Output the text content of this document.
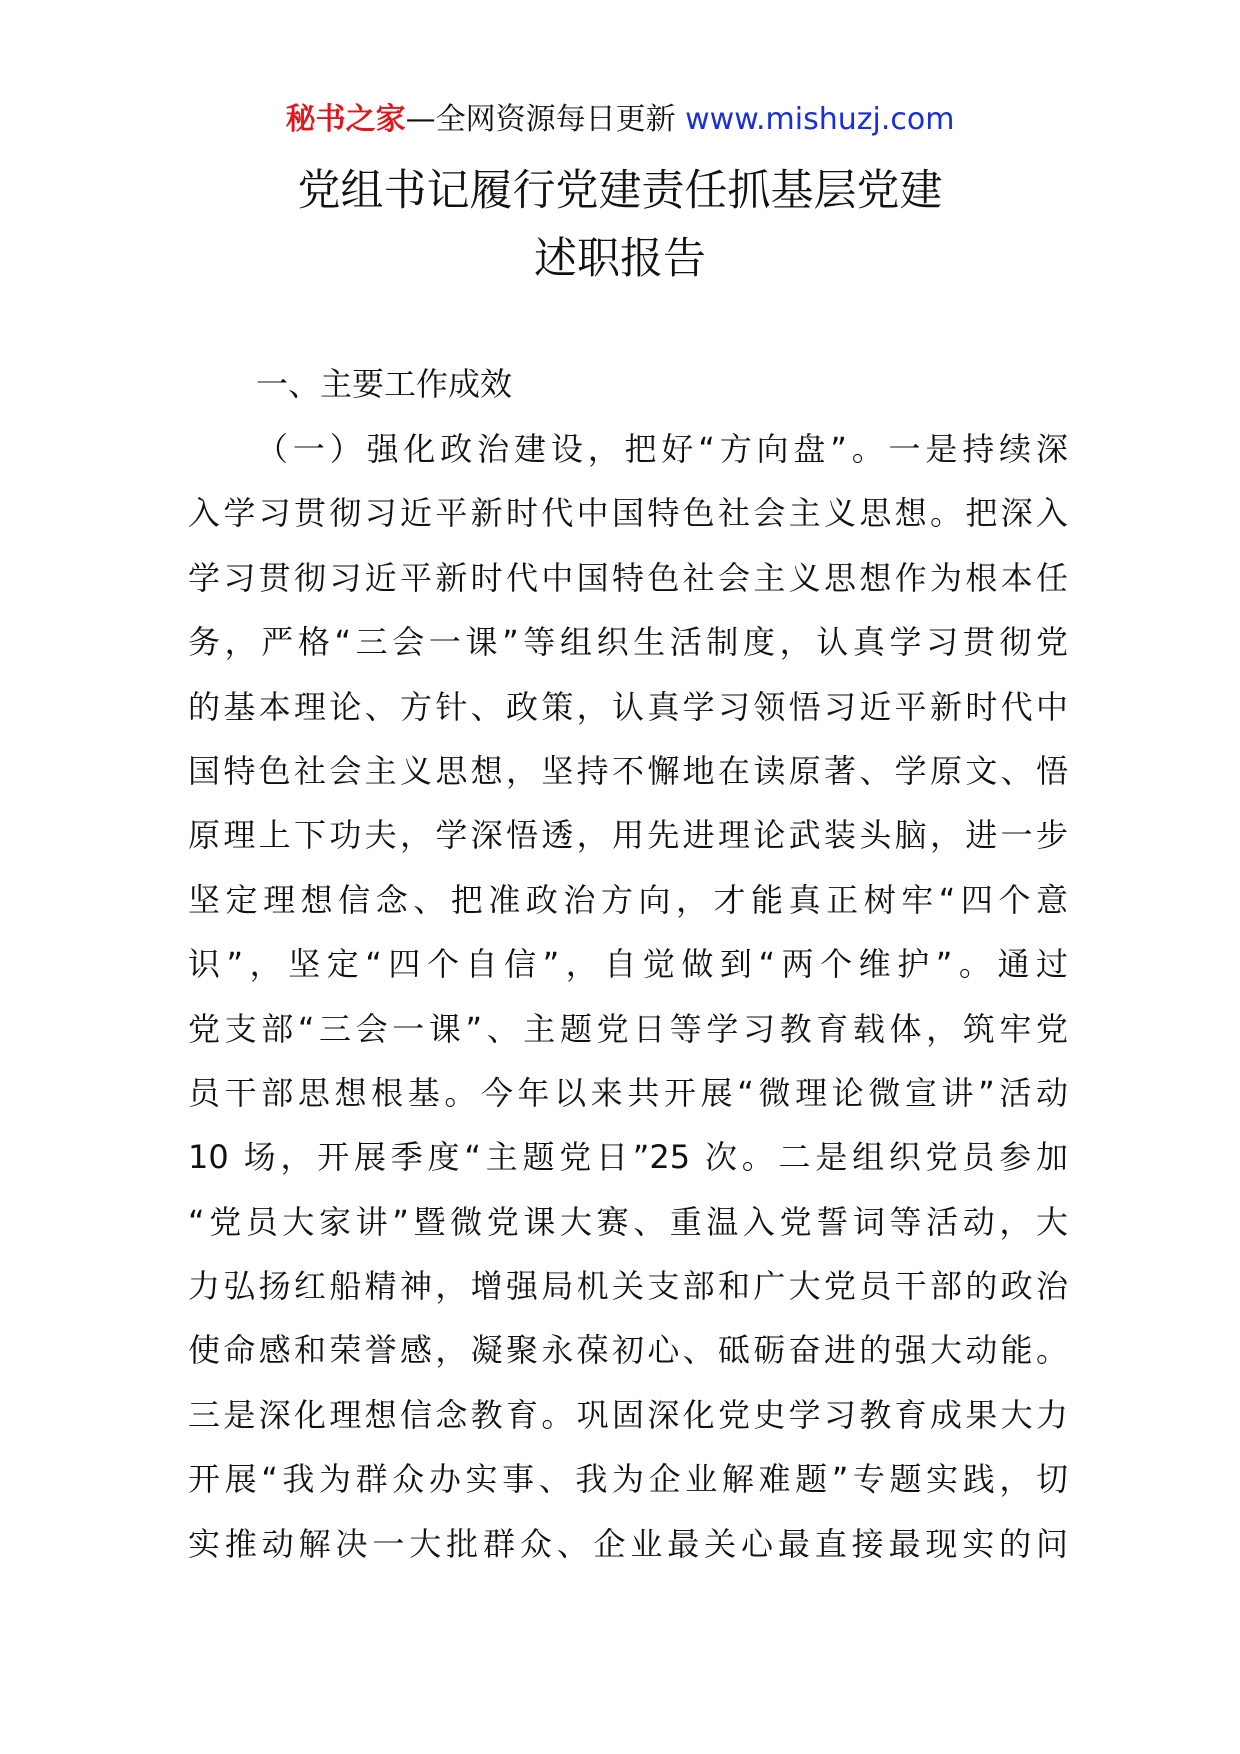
秘书之家—全网资源每日更新 www.mishuzj.com
党组书记履行党建责任抓基层党建
述职报告
一、主要工作成效
（一）强化政治建设，把好“方向盘”。一是持续深
入学习贯彻习近平新时代中国特色社会主义思想。把深入
学习贯彻习近平新时代中国特色社会主义思想作为根本任
务，严格“三会一课”等组织生活制度，认真学习贯彻党
的基本理论、方针、政策，认真学习领悟习近平新时代中
国特色社会主义思想，坚持不懈地在读原著、学原文、悟
原理上下功夫，学深悟透，用先进理论武装头脑，进一步
坚定理想信念、把准政治方向，才能真正树牢“四个意
识”，坚定“四个自信”，自觉做到“两个维护”。通过
党支部“三会一课”、主题党日等学习教育载体，筑牢党
员干部思想根基。今年以来共开展“微理论微宣讲”活动
10 场，开展季度“主题党日”25 次。二是组织党员参加
“党员大家讲”暨微党课大赛、重温入党誓词等活动，大
力弘扬红船精神，增强局机关支部和广大党员干部的政治
使命感和荣誉感，凝聚永葆初心、砥砺奋进的强大动能。
三是深化理想信念教育。巩固深化党史学习教育成果大力
开展“我为群众办实事、我为企业解难题”专题实践，切
实推动解决一大批群众、企业最关心最直接最现实的问
